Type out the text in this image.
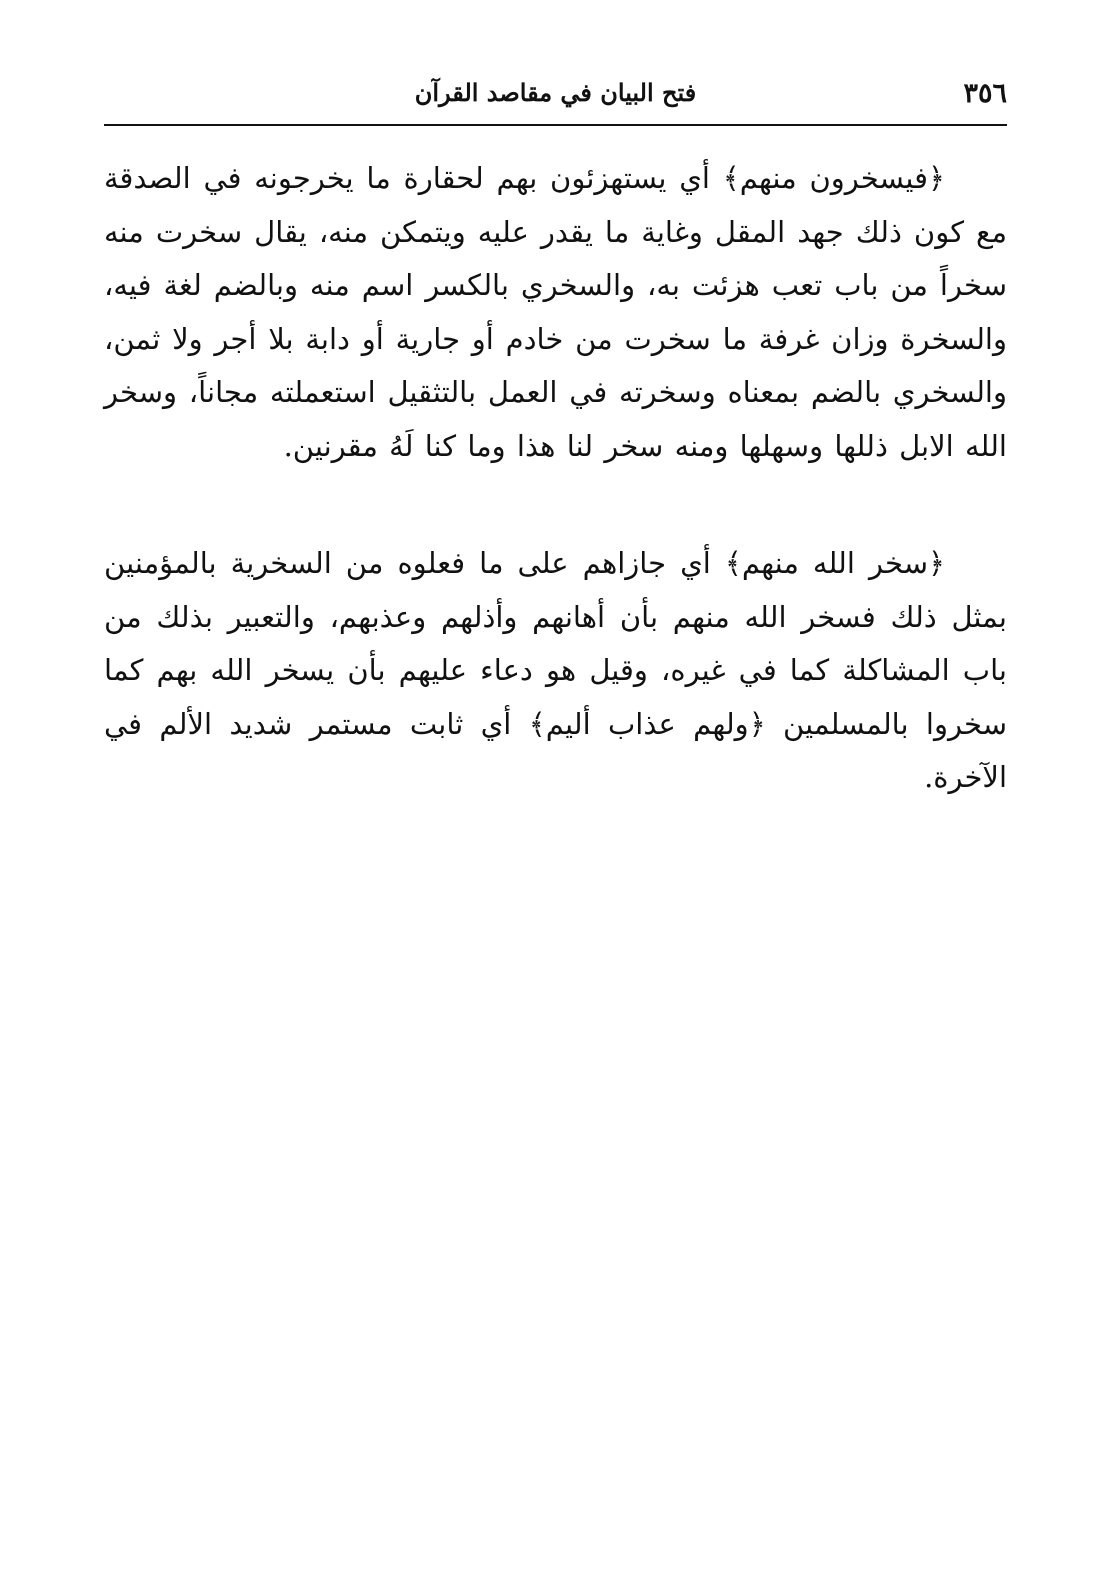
٣٥٦
فتح البيان في مقاصد القرآن

﴿فيسخرون منهم﴾ أي يستهزئون بهم لحقارة ما يخرجونه في الصدقة مع كون ذلك جهد المقل وغاية ما يقدر عليه ويتمكن منه، يقال سخرت منه سخراً من باب تعب هزئت به، والسخري بالكسر اسم منه وبالضم لغة فيه، والسخرة وزان غرفة ما سخرت من خادم أو جارية أو دابة بلا أجر ولا ثمن، والسخري بالضم بمعناه وسخرته في العمل بالتثقيل استعملته مجاناً، وسخر الله الابل ذللها وسهلها ومنه سخر لنا هذا وما كنا لَهُ مقرنين.

﴿سخر الله منهم﴾ أي جازاهم على ما فعلوه من السخرية بالمؤمنين بمثل ذلك فسخر الله منهم بأن أهانهم وأذلهم وعذبهم، والتعبير بذلك من باب المشاكلة كما في غيره، وقيل هو دعاء عليهم بأن يسخر الله بهم كما سخروا بالمسلمين ﴿ولهم عذاب أليم﴾ أي ثابت مستمر شديد الألم في الآخرة.
